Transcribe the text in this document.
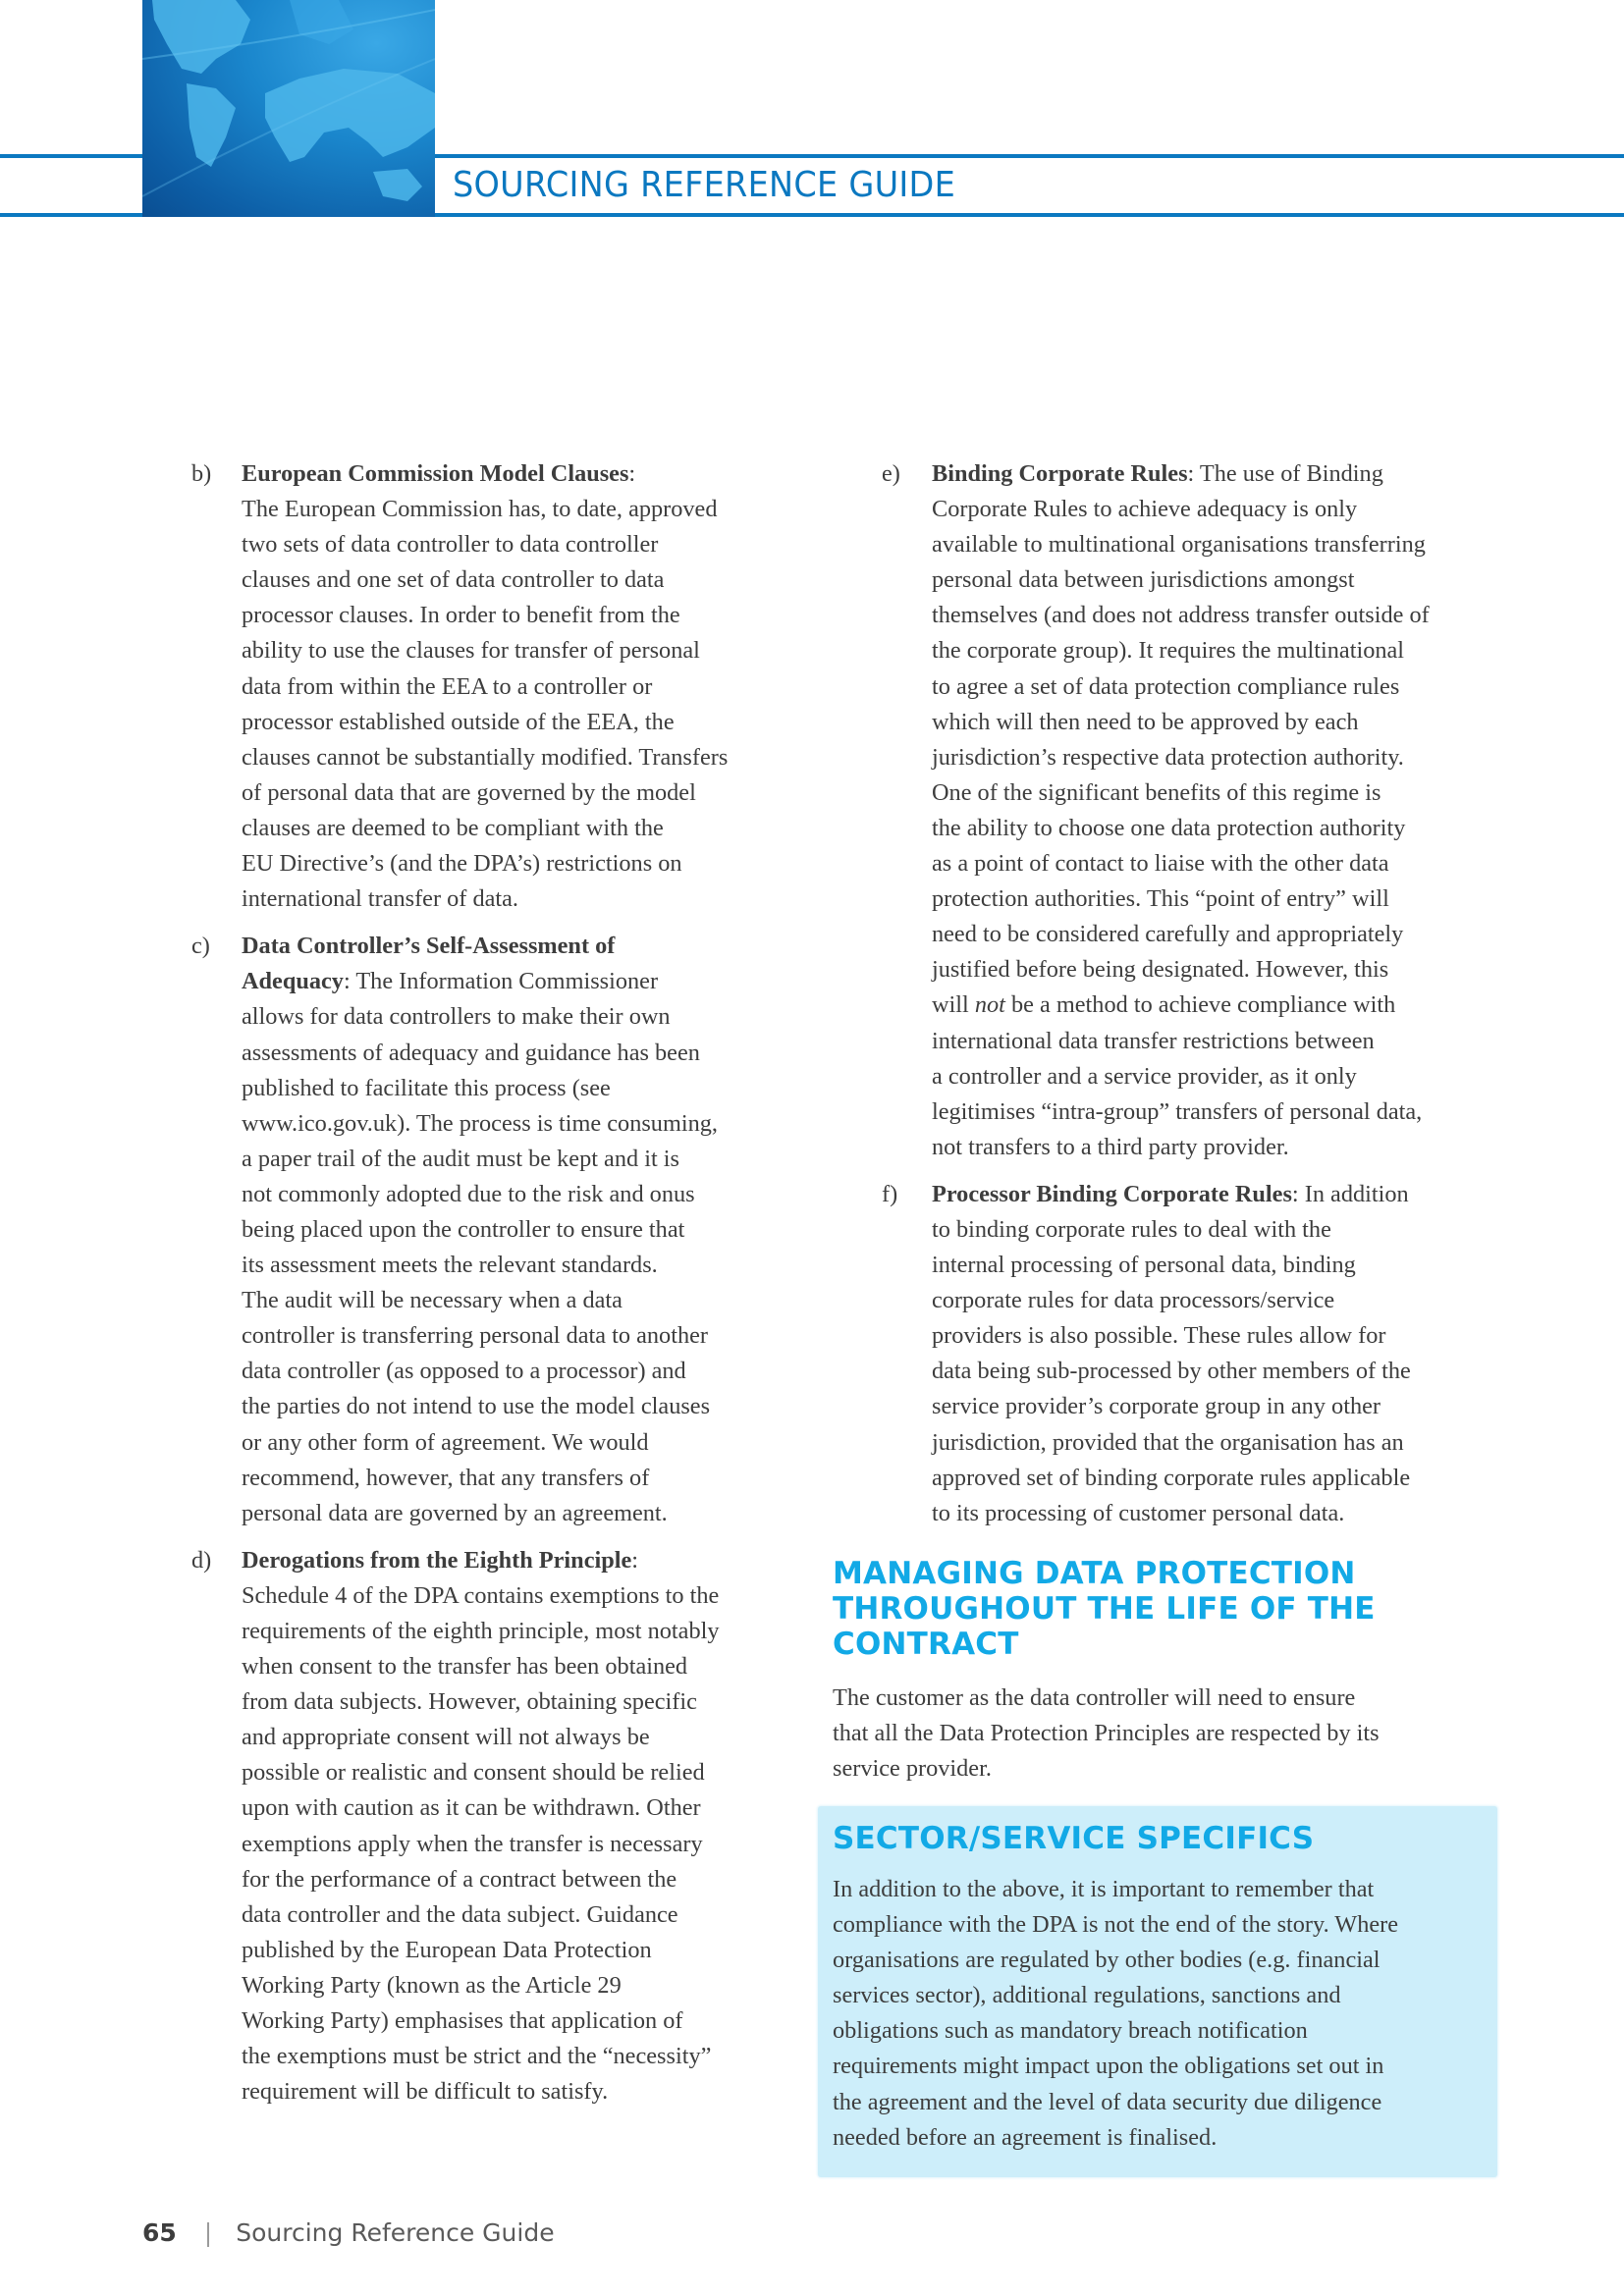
SOURCING REFERENCE GUIDE
b) European Commission Model Clauses:
The European Commission has, to date, approved
two sets of data controller to data controller
clauses and one set of data controller to data
processor clauses. In order to benefit from the
ability to use the clauses for transfer of personal
data from within the EEA to a controller or
processor established outside of the EEA, the
clauses cannot be substantially modified. Transfers
of personal data that are governed by the model
clauses are deemed to be compliant with the
EU Directive’s (and the DPA’s) restrictions on
international transfer of data.
c) Data Controller’s Self-Assessment of
Adequacy: The Information Commissioner
allows for data controllers to make their own
assessments of adequacy and guidance has been
published to facilitate this process (see
www.ico.gov.uk). The process is time consuming,
a paper trail of the audit must be kept and it is
not commonly adopted due to the risk and onus
being placed upon the controller to ensure that
its assessment meets the relevant standards.
The audit will be necessary when a data
controller is transferring personal data to another
data controller (as opposed to a processor) and
the parties do not intend to use the model clauses
or any other form of agreement. We would
recommend, however, that any transfers of
personal data are governed by an agreement.
d) Derogations from the Eighth Principle:
Schedule 4 of the DPA contains exemptions to the
requirements of the eighth principle, most notably
when consent to the transfer has been obtained
from data subjects. However, obtaining specific
and appropriate consent will not always be
possible or realistic and consent should be relied
upon with caution as it can be withdrawn. Other
exemptions apply when the transfer is necessary
for the performance of a contract between the
data controller and the data subject. Guidance
published by the European Data Protection
Working Party (known as the Article 29
Working Party) emphasises that application of
the exemptions must be strict and the “necessity”
requirement will be difficult to satisfy.
e) Binding Corporate Rules: The use of Binding
Corporate Rules to achieve adequacy is only
available to multinational organisations transferring
personal data between jurisdictions amongst
themselves (and does not address transfer outside of
the corporate group). It requires the multinational
to agree a set of data protection compliance rules
which will then need to be approved by each
jurisdiction’s respective data protection authority.
One of the significant benefits of this regime is
the ability to choose one data protection authority
as a point of contact to liaise with the other data
protection authorities. This “point of entry” will
need to be considered carefully and appropriately
justified before being designated. However, this
will not be a method to achieve compliance with
international data transfer restrictions between
a controller and a service provider, as it only
legitimises “intra-group” transfers of personal data,
not transfers to a third party provider.
f) Processor Binding Corporate Rules: In addition
to binding corporate rules to deal with the
internal processing of personal data, binding
corporate rules for data processors/service
providers is also possible. These rules allow for
data being sub-processed by other members of the
service provider’s corporate group in any other
jurisdiction, provided that the organisation has an
approved set of binding corporate rules applicable
to its processing of customer personal data.
MANAGING DATA PROTECTION
THROUGHOUT THE LIFE OF THE
CONTRACT
The customer as the data controller will need to ensure
that all the Data Protection Principles are respected by its
service provider.
SECTOR/SERVICE SPECIFICS
In addition to the above, it is important to remember that
compliance with the DPA is not the end of the story. Where
organisations are regulated by other bodies (e.g. financial
services sector), additional regulations, sanctions and
obligations such as mandatory breach notification
requirements might impact upon the obligations set out in
the agreement and the level of data security due diligence
needed before an agreement is finalised.
65 | Sourcing Reference Guide
